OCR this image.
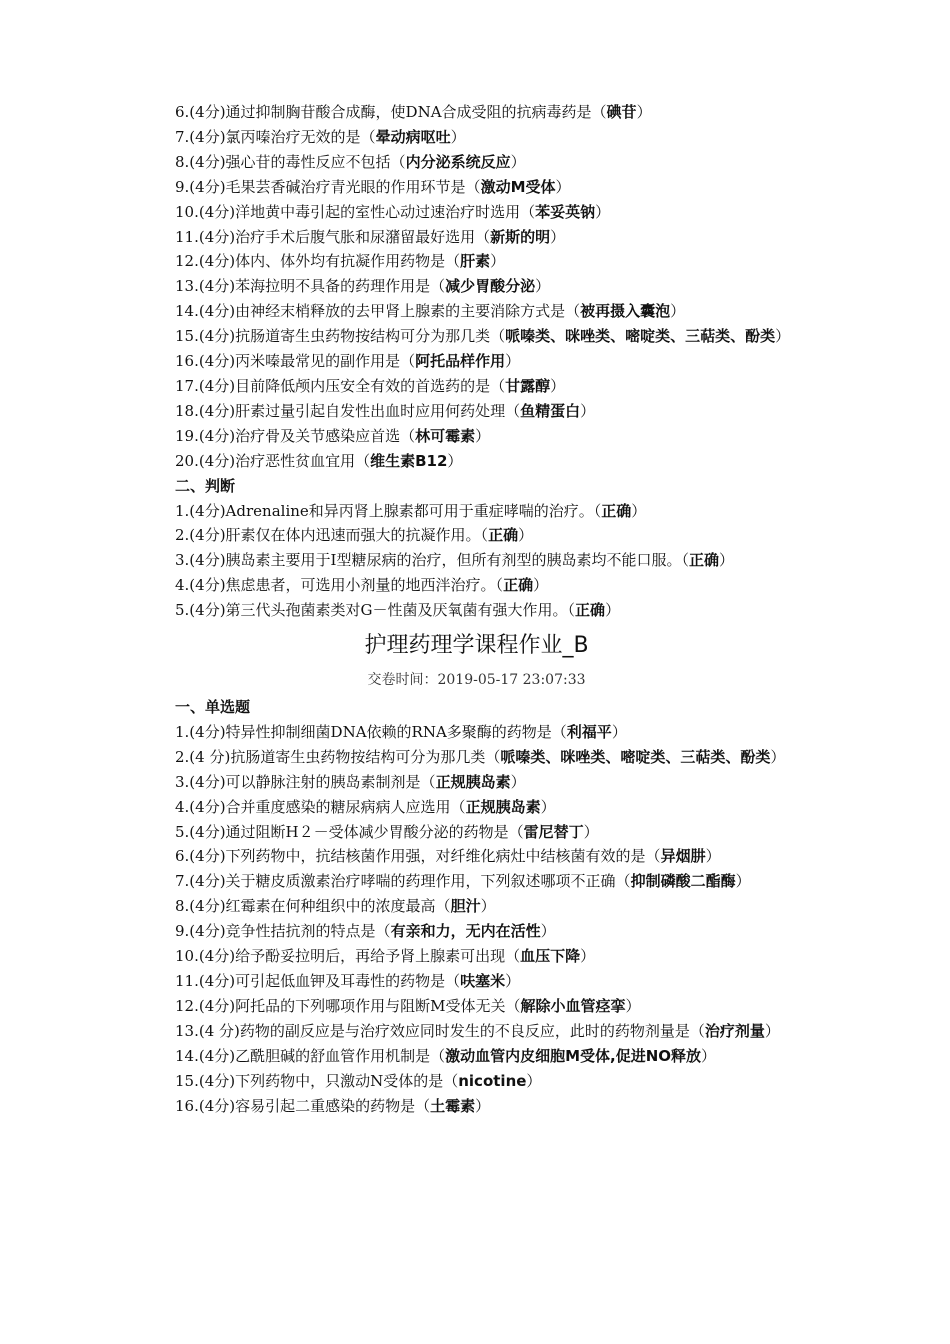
6.(4分)通过抑制胸苷酸合成酶，使DNA合成受阻的抗病毒药是（碘苷）

7.(4分)氯丙嗪治疗无效的是（晕动病呕吐）

8.(4分)强心苷的毒性反应不包括（内分泌系统反应）

9.(4分)毛果芸香碱治疗青光眼的作用环节是（激动M受体）

10.(4分)洋地黄中毒引起的室性心动过速治疗时选用（苯妥英钠）

11.(4分)治疗手术后腹气胀和尿潴留最好选用（新斯的明）

12.(4分)体内、体外均有抗凝作用药物是（肝素）

13.(4分)苯海拉明不具备的药理作用是（减少胃酸分泌）

14.(4分)由神经末梢释放的去甲肾上腺素的主要消除方式是（被再摄入囊泡）

15.(4分)抗肠道寄生虫药物按结构可分为那几类（哌嗪类、咪唑类、嘧啶类、三萜类、酚类）

16.(4分)丙米嗪最常见的副作用是（阿托品样作用）

17.(4分)目前降低颅内压安全有效的首选药的是（甘露醇）

18.(4分)肝素过量引起自发性出血时应用何药处理（鱼精蛋白）

19.(4分)治疗骨及关节感染应首选（林可霉素）

20.(4分)治疗恶性贫血宜用（维生素B12）

二、判断

1.(4分)Adrenaline和异丙肾上腺素都可用于重症哮喘的治疗。（正确）

2.(4分)肝素仅在体内迅速而强大的抗凝作用。（正确）

3.(4分)胰岛素主要用于Ⅰ型糖尿病的治疗，但所有剂型的胰岛素均不能口服。（正确）

4.(4分)焦虑患者，可选用小剂量的地西泮治疗。（正确）

5.(4分)第三代头孢菌素类对G－性菌及厌氧菌有强大作用。（正确）

护理药理学课程作业_B
交卷时间：2019-05-17 23:07:33

一、单选题

1.(4分)特异性抑制细菌DNA依赖的RNA多聚酶的药物是（利福平）

2.(4 分)抗肠道寄生虫药物按结构可分为那几类（哌嗪类、咪唑类、嘧啶类、三萜类、酚类）

3.(4分)可以静脉注射的胰岛素制剂是（正规胰岛素）

4.(4分)合并重度感染的糖尿病病人应选用（正规胰岛素）

5.(4分)通过阻断H２－受体减少胃酸分泌的药物是（雷尼替丁）

6.(4分)下列药物中，抗结核菌作用强，对纤维化病灶中结核菌有效的是（异烟肼）

7.(4分)关于糖皮质激素治疗哮喘的药理作用，下列叙述哪项不正确（抑制磷酸二酯酶）

8.(4分)红霉素在何种组织中的浓度最高（胆汁）

9.(4分)竞争性拮抗剂的特点是（有亲和力，无内在活性）

10.(4分)给予酚妥拉明后，再给予肾上腺素可出现（血压下降）

11.(4分)可引起低血钾及耳毒性的药物是（呋塞米）

12.(4分)阿托品的下列哪项作用与阻断M受体无关（解除小血管痉挛）

13.(4 分)药物的副反应是与治疗效应同时发生的不良反应，此时的药物剂量是（治疗剂量）

14.(4分)乙酰胆碱的舒血管作用机制是（激动血管内皮细胞M受体,促进NO释放）

15.(4分)下列药物中，只激动N受体的是（nicotine）

16.(4分)容易引起二重感染的药物是（土霉素）
